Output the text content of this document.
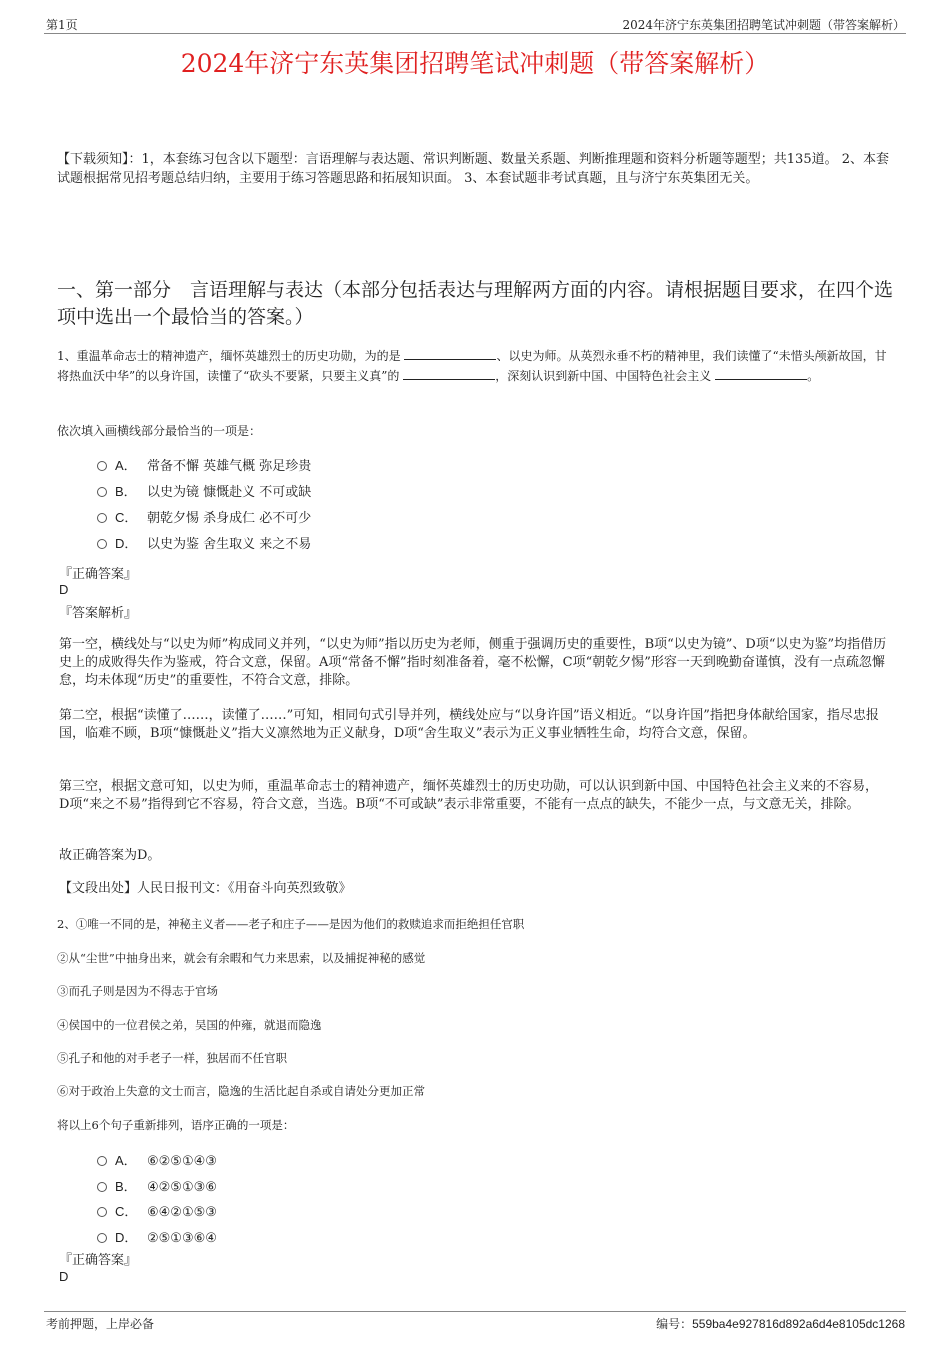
第1页	2024年济宁东英集团招聘笔试冲刺题（带答案解析）
2024年济宁东英集团招聘笔试冲刺题（带答案解析）
【下载须知】：1，本套练习包含以下题型：言语理解与表达题、常识判断题、数量关系题、判断推理题和资料分析题等题型；共135道。 2、本套试题根据常见招考题总结归纳，主要用于练习答题思路和拓展知识面。 3、本套试题非考试真题，且与济宁东英集团无关。
一、第一部分　言语理解与表达（本部分包括表达与理解两方面的内容。请根据题目要求，在四个选项中选出一个最恰当的答案。）
1、重温革命志士的精神遗产，缅怀英雄烈士的历史功勋，为的是	、以史为师。从英烈永垂不朽的精神里，我们读懂了“未惜头颅新故国，甘将热血沃中华”的以身许国，读懂了“砍头不要紧，只要主义真”的	，深刻认识到新中国、中国特色社会主义	。
依次填入画横线部分最恰当的一项是：
A． 常备不懈 英雄气概 弥足珍贵
B． 以史为镜 慷慨赴义 不可或缺
C． 朝乾夕惕 杀身成仁 必不可少
D． 以史为鉴 舍生取义 来之不易
『正确答案』
D
『答案解析』
第一空，横线处与“以史为师”构成同义并列，“以史为师”指以历史为老师，侧重于强调历史的重要性，B项“以史为镜”、D项“以史为鉴”均指借历史上的成败得失作为鉴戒，符合文意，保留。A项“常备不懈”指时刻准备着，毫不松懈，C项“朝乾夕惕”形容一天到晚勤奋谨慎，没有一点疏忽懈怠，均未体现“历史”的重要性，不符合文意，排除。
第二空，根据“读懂了……，读懂了……”可知，相同句式引导并列，横线处应与“以身许国”语义相近。“以身许国”指把身体献给国家，指尽忠报国，临难不顾，B项“慷慨赴义”指大义凛然地为正义献身，D项“舍生取义”表示为正义事业牺牲生命，均符合文意，保留。
第三空，根据文意可知，以史为师，重温革命志士的精神遗产，缅怀英雄烈士的历史功勋，可以认识到新中国、中国特色社会主义来的不容易，D项“来之不易”指得到它不容易，符合文意，当选。B项“不可或缺”表示非常重要，不能有一点点的缺失，不能少一点，与文意无关，排除。
故正确答案为D。
【文段出处】人民日报刊文：《用奋斗向英烈致敬》
2、①唯一不同的是，神秘主义者——老子和庄子——是因为他们的救赎追求而拒绝担任官职
②从“尘世”中抽身出来，就会有余暇和气力来思索，以及捕捉神秘的感觉
③而孔子则是因为不得志于官场
④侯国中的一位君侯之弟，吴国的仲雍，就退而隐逸
⑤孔子和他的对手老子一样，独居而不任官职
⑥对于政治上失意的文士而言，隐逸的生活比起自杀或自请处分更加正常
将以上6个句子重新排列，语序正确的一项是：
A． ⑥②⑤①④③
B． ④②⑤①③⑥
C． ⑥④②①⑤③
D． ②⑤①③⑥④
『正确答案』
D
考前押题，上岸必备	编号：559ba4e927816d892a6d4e8105dc1268
